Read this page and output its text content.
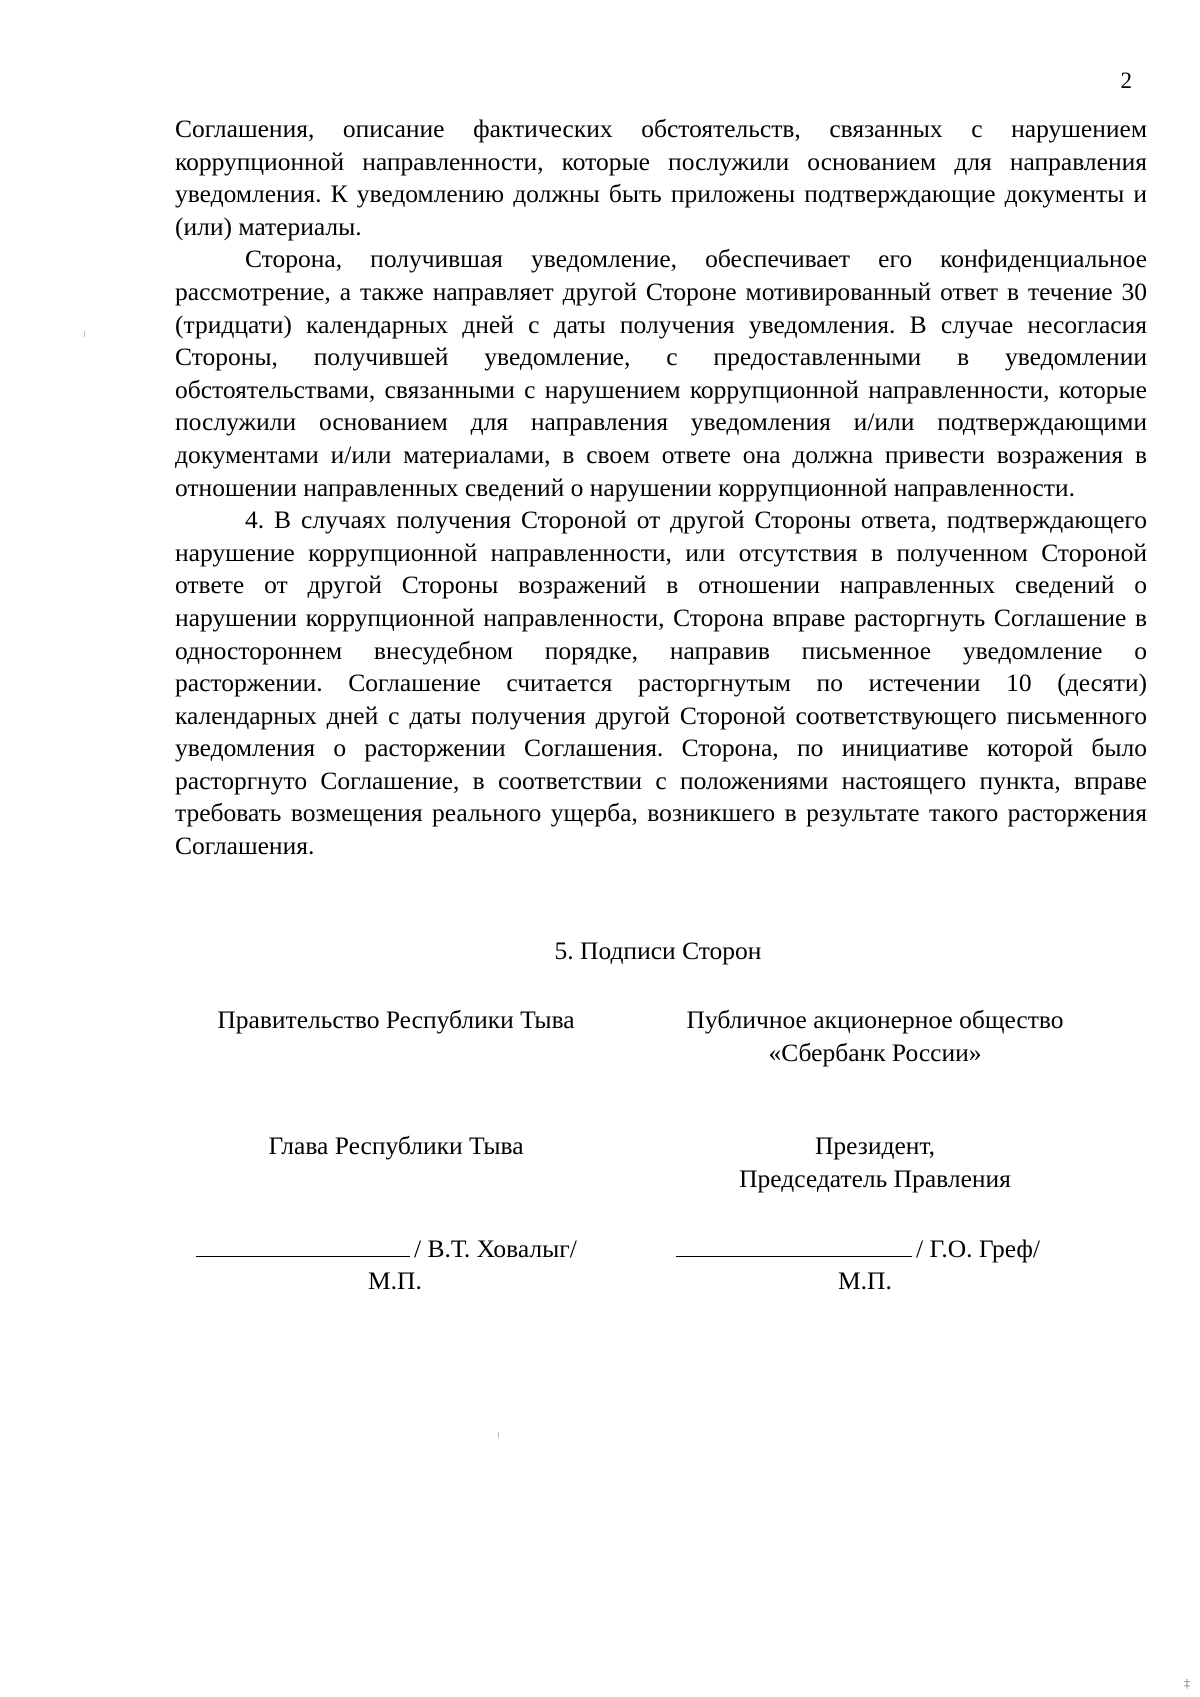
2

Соглашения, описание фактических обстоятельств, связанных с нарушением коррупционной направленности, которые послужили основанием для направления уведомления. К уведомлению должны быть приложены подтверждающие документы и (или) материалы.

Сторона, получившая уведомление, обеспечивает его конфиденциальное рассмотрение, а также направляет другой Стороне мотивированный ответ в течение 30 (тридцати) календарных дней с даты получения уведомления. В случае несогласия Стороны, получившей уведомление, с предоставленными в уведомлении обстоятельствами, связанными с нарушением коррупционной направленности, которые послужили основанием для направления уведомления и/или подтверждающими документами и/или материалами, в своем ответе она должна привести возражения в отношении направленных сведений о нарушении коррупционной направленности.

4. В случаях получения Стороной от другой Стороны ответа, подтверждающего нарушение коррупционной направленности, или отсутствия в полученном Стороной ответе от другой Стороны возражений в отношении направленных сведений о нарушении коррупционной направленности, Сторона вправе расторгнуть Соглашение в одностороннем внесудебном порядке, направив письменное уведомление о расторжении. Соглашение считается расторгнутым по истечении 10 (десяти) календарных дней с даты получения другой Стороной соответствующего письменного уведомления о расторжении Соглашения. Сторона, по инициативе которой было расторгнуто Соглашение, в соответствии с положениями настоящего пункта, вправе требовать возмещения реального ущерба, возникшего в результате такого расторжения Соглашения.

5. Подписи Сторон
Правительство Республики Тыва	Публичное акционерное общество
«Сбербанк России»
Глава Республики Тыва	Президент,
Председатель Правления
/ В.Т. Ховалыг/	/ Г.О. Греф/
М.П.	М.П.
‡
